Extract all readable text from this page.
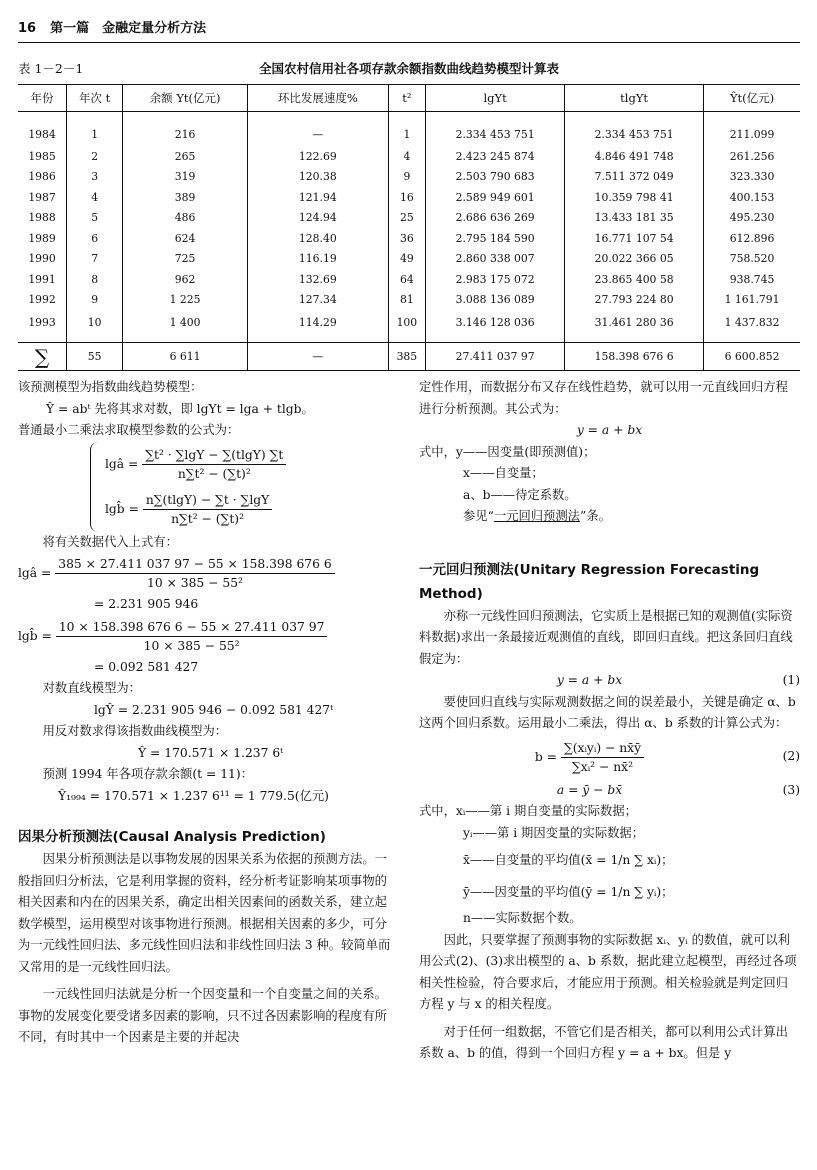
16 第一篇　金融定量分析方法
表 1－2－1	全国农村信用社各项存款余额指数曲线趋势模型计算表
年份	年次 t	余额 Yt(亿元)	环比发展速度%	t²	lgYt	tlgYt	Ŷt(亿元)
1984	1	216	—	1	2.334 453 751	2.334 453 751	211.099
1985	2	265	122.69	4	2.423 245 874	4.846 491 748	261.256
1986	3	319	120.38	9	2.503 790 683	7.511 372 049	323.330
1987	4	389	121.94	16	2.589 949 601	10.359 798 41	400.153
1988	5	486	124.94	25	2.686 636 269	13.433 181 35	495.230
1989	6	624	128.40	36	2.795 184 590	16.771 107 54	612.896
1990	7	725	116.19	49	2.860 338 007	20.022 366 05	758.520
1991	8	962	132.69	64	2.983 175 072	23.865 400 58	938.745
1992	9	1 225	127.34	81	3.088 136 089	27.793 224 80	1 161.791
1993	10	1 400	114.29	100	3.146 128 036	31.461 280 36	1 437.832
∑	55	6 611	—	385	27.411 037 97	158.398 676 6	6 600.852

该预测模型为指数曲线趋势模型：

Ŷ = abᵗ 先将其求对数，即 lgYt = lga + tlgb。

普通最小二乘法求取模型参数的公式为：

lgâ = $\frac{\text{∑t² · ∑lgY − ∑(tlgY) ∑t}}{\text{n∑t² − (∑t)²}}$
lgb̂ = $\frac{n\sum(tlgY) - \sum t \cdot \sum\lg Y}{\text{n∑t² − (∑t)²}}$

将有关数据代入上式有：

lgâ = $\frac{385 \times 27.411 037 97 - 55 \times 158.398 676 6}{\text{10 × 385 − 55²}}$

= 2.231 905 946

lgb̂ = $\frac{10 \times 158.398 676 6 - 55 \times 27.411 037 97}{\text{10 × 385 − 55²}}$

= 0.092 581 427

对数直线模型为：

lgŶ = 2.231 905 946 − 0.092 581 427ᵗ

用反对数求得该指数曲线模型为：

Ŷ = 170.571 × 1.237 6ᵗ

预测 1994 年各项存款余额(t = 11)：

Ŷ₁₉₉₄ = 170.571 × 1.237 6¹¹ = 1 779.5(亿元)

因果分析预测法(Causal Analysis Prediction)

因果分析预测法是以事物发展的因果关系为依据的预测方法。一般指回归分析法，它是利用掌握的资料，经分析考证影响某项事物的相关因素和内在的因果关系，确定出相关因素间的函数关系，建立起数学模型，运用模型对该事物进行预测。根据相关因素的多少，可分为一元线性回归法、多元线性回归法和非线性回归法 3 种。较简单而又常用的是一元线性回归法。

一元线性回归法就是分析一个因变量和一个自变量之间的关系。事物的发展变化要受诸多因素的影响，只不过各因素影响的程度有所不同，有时其中一个因素是主要的并起决

定性作用，而数据分布又存在线性趋势，就可以用一元直线回归方程进行分析预测。其公式为：

y = a + bx

式中，y——因变量(即预测值)；

x——自变量；

a、b——待定系数。

参见“一元回归预测法”条。

一元回归预测法(Unitary Regression Forecasting Method)

亦称一元线性回归预测法，它实质上是根据已知的观测值(实际资料数据)求出一条最接近观测值的直线，即回归直线。把这条回归直线假定为：

y = a + bx	(1)

要使回归直线与实际观测数据之间的误差最小，关键是确定 α、b 这两个回归系数。运用最小二乘法，得出 α、b 系数的计算公式为：

$b = \frac{\text{∑(xᵢyᵢ) − nx̄ȳ}}{\text{∑xᵢ² − nx̄²}}$	(2)
a = ȳ − bx̄	(3)

式中，xᵢ——第 i 期自变量的实际数据；

yᵢ——第 i 期因变量的实际数据；

x̄——自变量的平均值(x̄ = 1/n ∑ xᵢ)；

ȳ——因变量的平均值(ȳ = 1/n ∑ yᵢ)；

n——实际数据个数。

因此，只要掌握了预测事物的实际数据 xᵢ、yᵢ 的数值，就可以利用公式(2)、(3)求出模型的 a、b 系数，据此建立起模型，再经过各项相关性检验，符合要求后，才能应用于预测。相关检验就是判定回归方程 y 与 x 的相关程度。

对于任何一组数据，不管它们是否相关，都可以利用公式计算出系数 a、b 的值，得到一个回归方程 y = a + bx。但是 y
